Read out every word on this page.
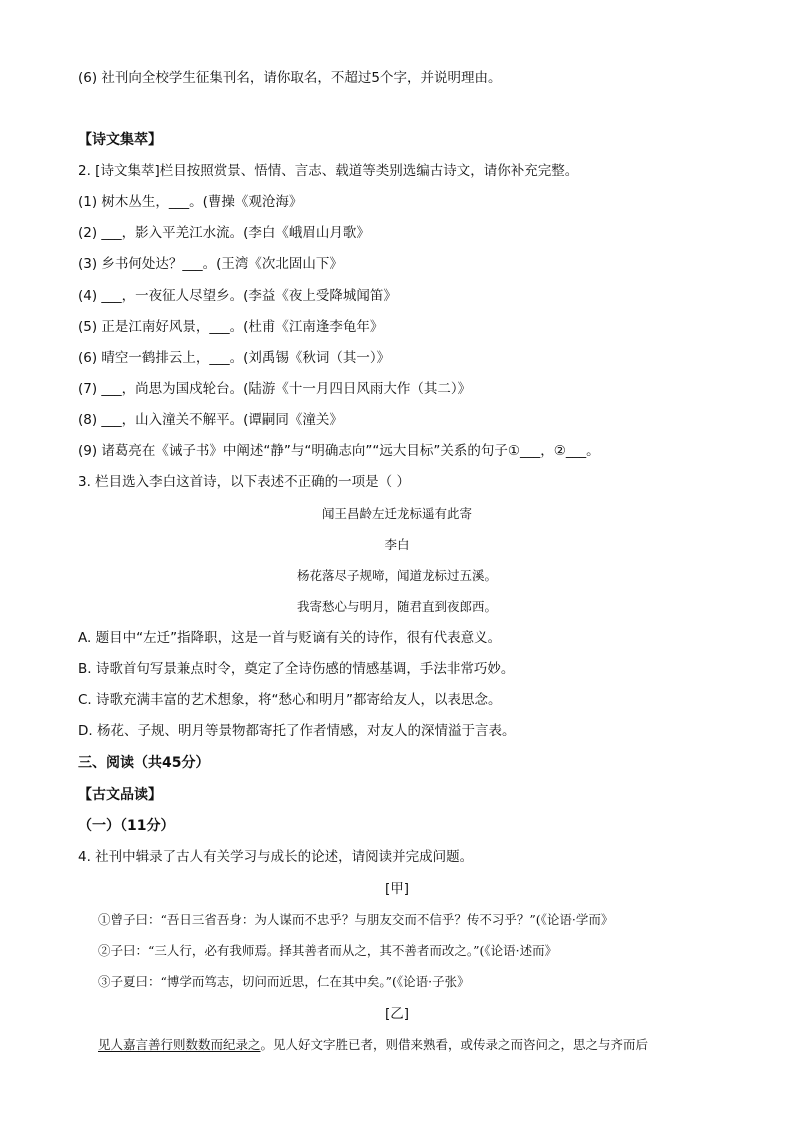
(6) 社刊向全校学生征集刊名，请你取名，不超过5个字，并说明理由。
【诗文集萃】
2. [诗文集萃]栏目按照赏景、悟情、言志、载道等类别选编古诗文，请你补充完整。
(1) 树木丛生，___。(曹操《观沧海》
(2) ___，影入平羌江水流。(李白《峨眉山月歌》
(3) 乡书何处达？___。(王湾《次北固山下》
(4) ___，一夜征人尽望乡。(李益《夜上受降城闻笛》
(5) 正是江南好风景，___。(杜甫《江南逢李龟年》
(6) 晴空一鹤排云上，___。(刘禹锡《秋词（其一）》
(7) ___，尚思为国戍轮台。(陆游《十一月四日风雨大作（其二）》
(8) ___，山入潼关不解平。(谭嗣同《潼关》
(9) 诸葛亮在《诫子书》中阐述“静”与“明确志向”“远大目标”关系的句子①___，②___。
3. 栏目选入李白这首诗，以下表述不正确的一项是（ ）
闻王昌龄左迁龙标遥有此寄
李白
杨花落尽子规啼，闻道龙标过五溪。
我寄愁心与明月，随君直到夜郎西。
A. 题目中“左迁”指降职，这是一首与贬谪有关的诗作，很有代表意义。
B. 诗歌首句写景兼点时令，奠定了全诗伤感的情感基调，手法非常巧妙。
C. 诗歌充满丰富的艺术想象，将“愁心和明月”都寄给友人，以表思念。
D. 杨花、子规、明月等景物都寄托了作者情感，对友人的深情溢于言表。
三、阅读（共45分）
【古文品读】
（一）（11分）
4. 社刊中辑录了古人有关学习与成长的论述，请阅读并完成问题。
[甲]
①曾子曰：“吾日三省吾身：为人谋而不忠乎？与朋友交而不信乎？传不习乎？”(《论语·学而》
②子曰：“三人行，必有我师焉。择其善者而从之，其不善者而改之。”(《论语·述而》
③子夏曰：“博学而笃志，切问而近思，仁在其中矣。”(《论语·子张》
[乙]
见人嘉言善行则数数而纪录之。见人好文字胜已者，则借来熟看，或传录之而咨问之，思之与齐而后
